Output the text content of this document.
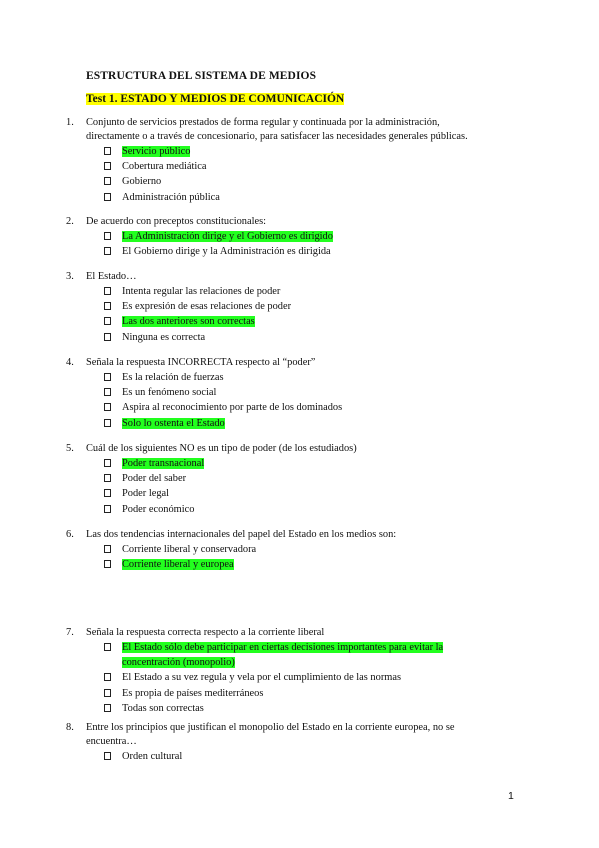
ESTRUCTURA DEL SISTEMA DE MEDIOS
Test 1. ESTADO Y MEDIOS DE COMUNICACIÓN
1.	Conjunto de servicios prestados de forma regular y continuada por la administración,
directamente o a través de concesionario, para satisfacer las necesidades generales públicas.
Servicio público
Cobertura mediática
Gobierno
Administración pública
2.	De acuerdo con preceptos constitucionales:
La Administración dirige y el Gobierno es dirigido
El Gobierno dirige y la Administración es dirigida
3.	El Estado…
Intenta regular las relaciones de poder
Es expresión de esas relaciones de poder
Las dos anteriores son correctas
Ninguna es correcta
4.	Señala la respuesta INCORRECTA respecto al “poder”
Es la relación de fuerzas
Es un fenómeno social
Aspira al reconocimiento por parte de los dominados
Solo lo ostenta el Estado
5.	Cuál de los siguientes NO es un tipo de poder (de los estudiados)
Poder transnacional
Poder del saber
Poder legal
Poder económico
6.	Las dos tendencias internacionales del papel del Estado en los medios son:
Corriente liberal y conservadora
Corriente liberal y europea
7.	Señala la respuesta correcta respecto a la corriente liberal
El Estado sólo debe participar en ciertas decisiones importantes para evitar la
concentración (monopolio)
El Estado a su vez regula y vela por el cumplimiento de las normas
Es propia de países mediterráneos
Todas son correctas
8.	Entre los principios que justifican el monopolio del Estado en la corriente europea, no se
encuentra…
Orden cultural
1
